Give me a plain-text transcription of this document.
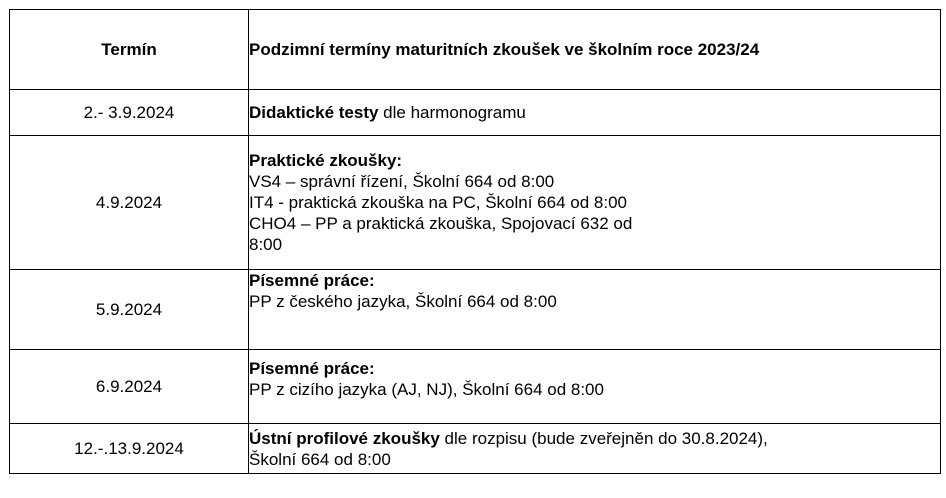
Termín	Podzimní termíny maturitních zkoušek ve školním roce 2023/24
2.- 3.9.2024	Didaktické testy dle harmonogramu

4.9.2024	Praktické zkoušky:
VS4 – správní řízení, Školní 664 od 8:00
IT4 - praktická zkouška na PC, Školní 664 od 8:00
CHO4 – PP a praktická zkouška, Spojovací 632 od
8:00

5.9.2024	Písemné práce:
PP z českého jazyka, Školní 664 od 8:00

6.9.2024	Písemné práce:
PP z cizího jazyka (AJ, NJ), Školní 664 od 8:00

12.-.13.9.2024	Ústní profilové zkoušky dle rozpisu (bude zveřejněn do 30.8.2024),
Školní 664 od 8:00
